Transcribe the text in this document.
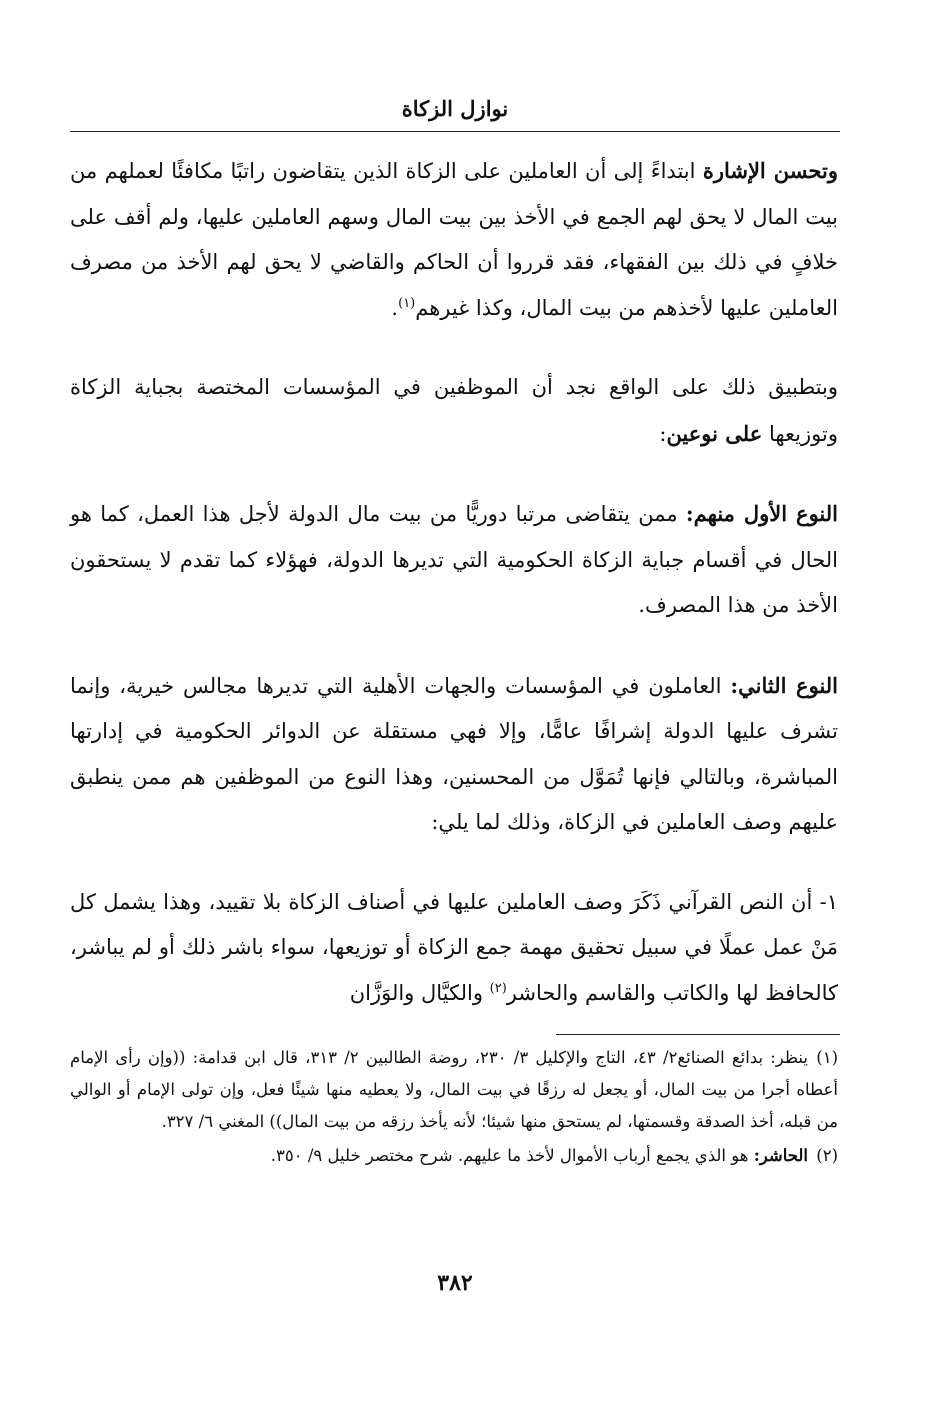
نوازل الزكاة

وتحسن الإشارة ابتداءً إلى أن العاملين على الزكاة الذين يتقاضون راتبًا مكافئًا لعملهم من بيت المال لا يحق لهم الجمع في الأخذ بين بيت المال وسهم العاملين عليها، ولم أقف على خلافٍ في ذلك بين الفقهاء، فقد قرروا أن الحاكم والقاضي لا يحق لهم الأخذ من مصرف العاملين عليها لأخذهم من بيت المال، وكذا غيرهم$^{(١)}$.

وبتطبيق ذلك على الواقع نجد أن الموظفين في المؤسسات المختصة بجباية الزكاة وتوزيعها على نوعين:

النوع الأول منهم: ممن يتقاضى مرتبا دوريًّا من بيت مال الدولة لأجل هذا العمل، كما هو الحال في أقسام جباية الزكاة الحكومية التي تديرها الدولة، فهؤلاء كما تقدم لا يستحقون الأخذ من هذا المصرف.

النوع الثاني: العاملون في المؤسسات والجهات الأهلية التي تديرها مجالس خيرية، وإنما تشرف عليها الدولة إشرافًا عامًّا، وإلا فهي مستقلة عن الدوائر الحكومية في إدارتها المباشرة، وبالتالي فإنها تُمَوَّل من المحسنين، وهذا النوع من الموظفين هم ممن ينطبق عليهم وصف العاملين في الزكاة، وذلك لما يلي:

١- أن النص القرآني ذَكَرَ وصف العاملين عليها في أصناف الزكاة بلا تقييد، وهذا يشمل كل مَنْ عمل عملًا في سبيل تحقيق مهمة جمع الزكاة أو توزيعها، سواء باشر ذلك أو لم يباشر، كالحافظ لها والكاتب والقاسم والحاشر$^{(٢)}$ والكيَّال والوَزَّان

(١)ينظر: بدائع الصنائع٢/ ٤٣، التاج والإكليل ٣/ ٢٣٠، روضة الطالبين ٢/ ٣١٣، قال ابن قدامة: ((وإن رأى الإمام أعطاه أجرا من بيت المال، أو يجعل له رزقًا في بيت المال، ولا يعطيه منها شيئًا فعل، وإن تولى الإمام أو الوالي من قبله، أخذ الصدقة وقسمتها، لم يستحق منها شيئا؛ لأنه يأخذ رزقه من بيت المال)) المغني ٦/ ٣٢٧.

(٢)الحاشر: هو الذي يجمع أرباب الأموال لأخذ ما عليهم. شرح مختصر خليل ٩/ ٣٥٠.

٣٨٢
